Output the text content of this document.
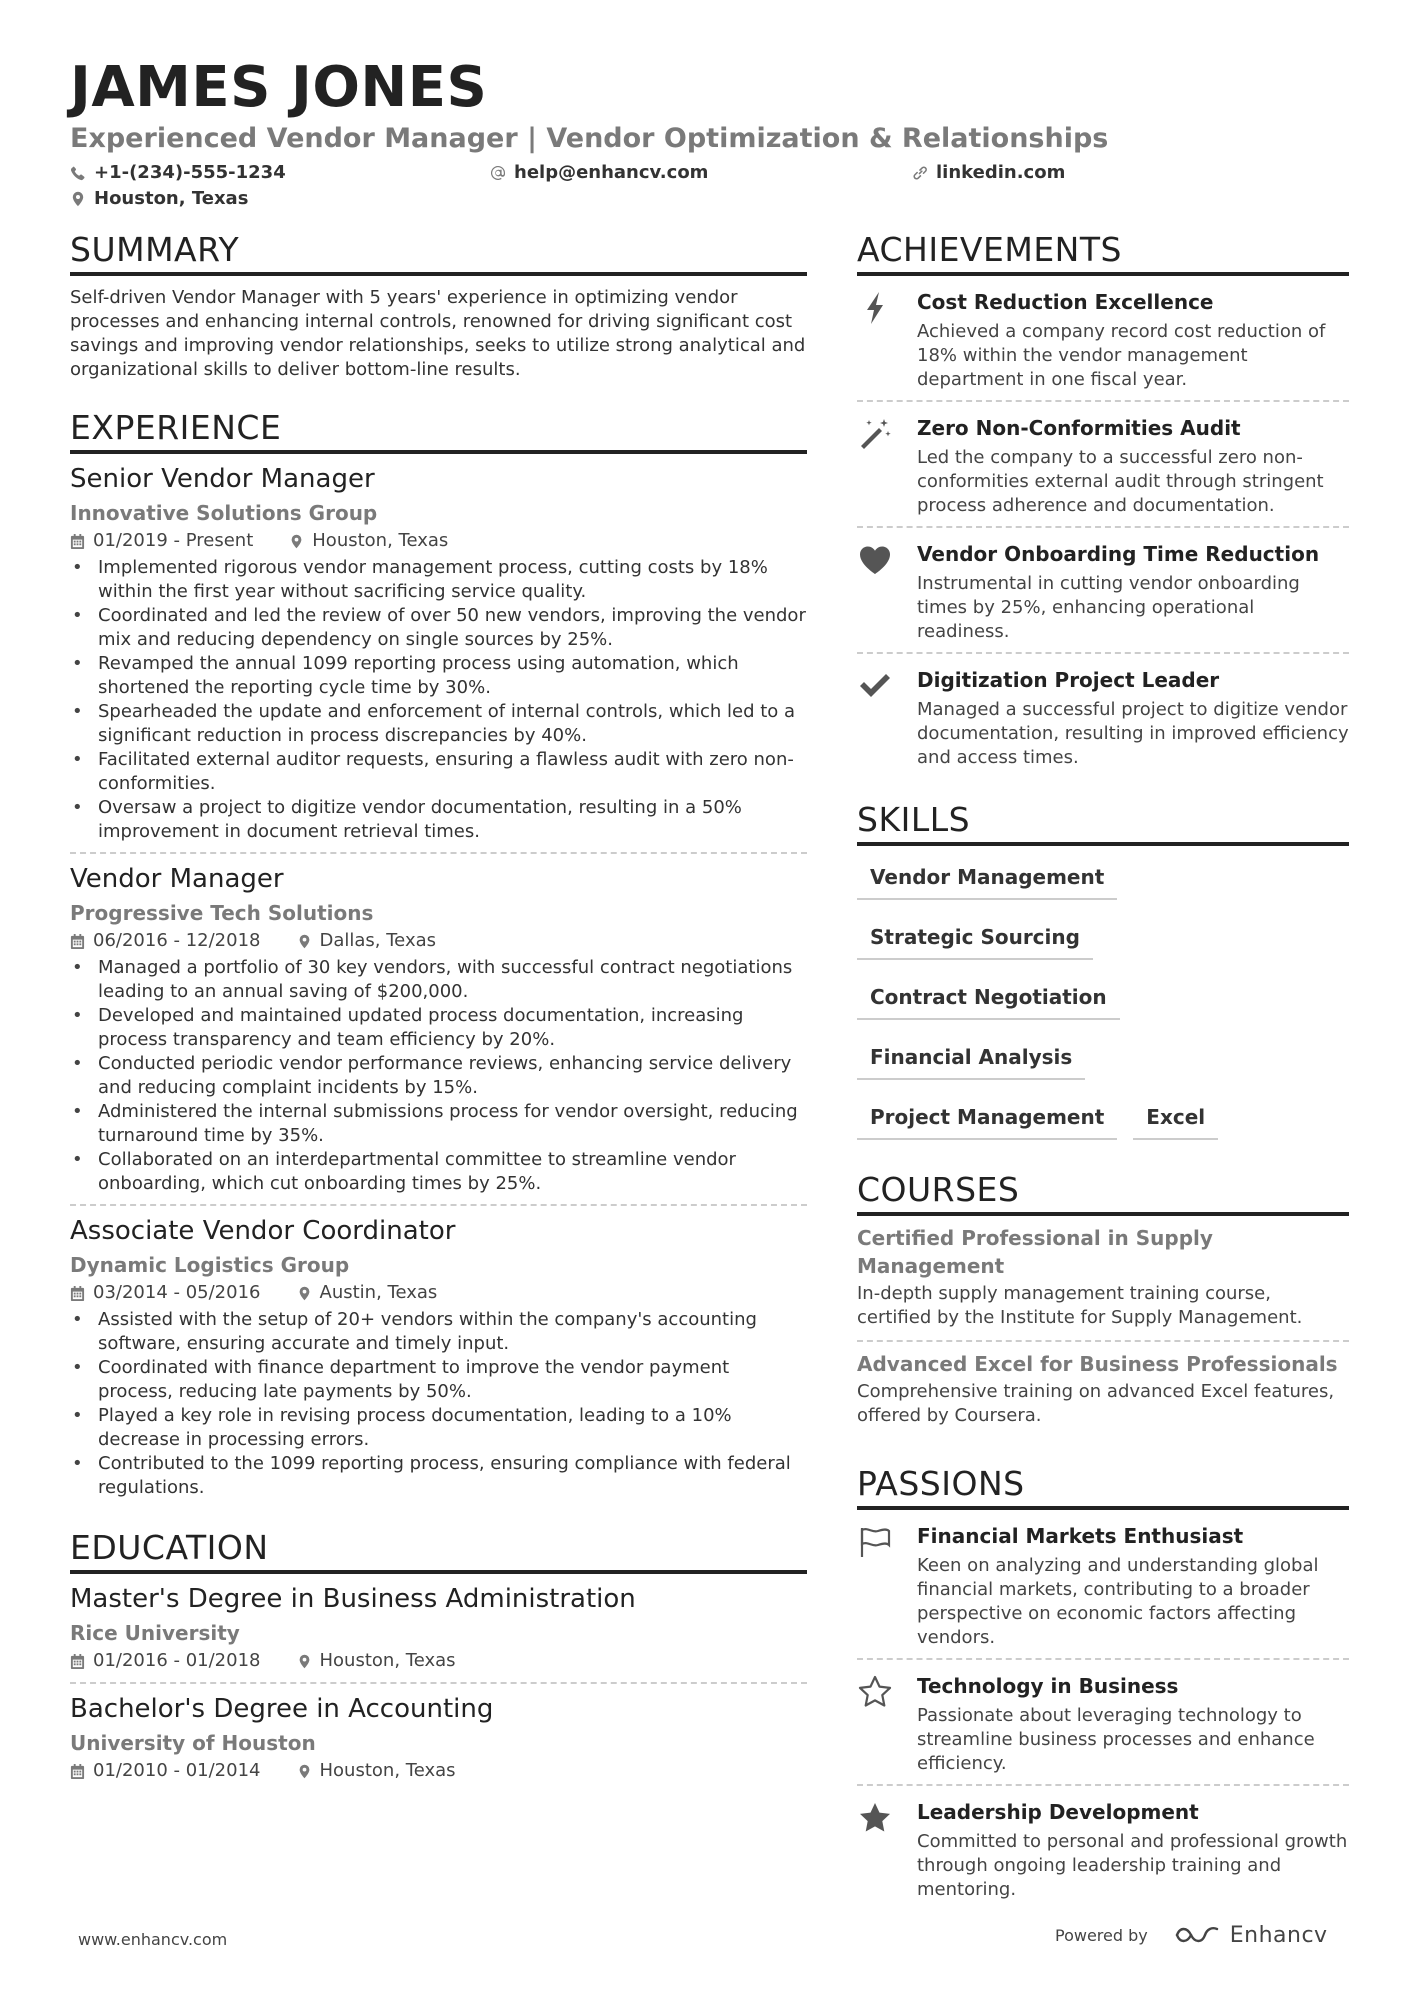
JAMES JONES
Experienced Vendor Manager | Vendor Optimization & Relationships
+1-(234)-555-1234	help@enhancv.com	linkedin.com
Houston, Texas
SUMMARY
Self-driven Vendor Manager with 5 years' experience in optimizing vendor processes and enhancing internal controls, renowned for driving significant cost savings and improving vendor relationships, seeks to utilize strong analytical and organizational skills to deliver bottom-line results.
EXPERIENCE
Senior Vendor Manager
Innovative Solutions Group
01/2019 - Present	Houston, Texas
• Implemented rigorous vendor management process, cutting costs by 18% within the first year without sacrificing service quality.
• Coordinated and led the review of over 50 new vendors, improving the vendor mix and reducing dependency on single sources by 25%.
• Revamped the annual 1099 reporting process using automation, which shortened the reporting cycle time by 30%.
• Spearheaded the update and enforcement of internal controls, which led to a significant reduction in process discrepancies by 40%.
• Facilitated external auditor requests, ensuring a flawless audit with zero non-conformities.
• Oversaw a project to digitize vendor documentation, resulting in a 50% improvement in document retrieval times.
Vendor Manager
Progressive Tech Solutions
06/2016 - 12/2018	Dallas, Texas
• Managed a portfolio of 30 key vendors, with successful contract negotiations leading to an annual saving of $200,000.
• Developed and maintained updated process documentation, increasing process transparency and team efficiency by 20%.
• Conducted periodic vendor performance reviews, enhancing service delivery and reducing complaint incidents by 15%.
• Administered the internal submissions process for vendor oversight, reducing turnaround time by 35%.
• Collaborated on an interdepartmental committee to streamline vendor onboarding, which cut onboarding times by 25%.
Associate Vendor Coordinator
Dynamic Logistics Group
03/2014 - 05/2016	Austin, Texas
• Assisted with the setup of 20+ vendors within the company's accounting software, ensuring accurate and timely input.
• Coordinated with finance department to improve the vendor payment process, reducing late payments by 50%.
• Played a key role in revising process documentation, leading to a 10% decrease in processing errors.
• Contributed to the 1099 reporting process, ensuring compliance with federal regulations.
EDUCATION
Master's Degree in Business Administration
Rice University
01/2016 - 01/2018	Houston, Texas
Bachelor's Degree in Accounting
University of Houston
01/2010 - 01/2014	Houston, Texas
ACHIEVEMENTS
Cost Reduction Excellence
Achieved a company record cost reduction of 18% within the vendor management department in one fiscal year.
Zero Non-Conformities Audit
Led the company to a successful zero non-conformities external audit through stringent process adherence and documentation.
Vendor Onboarding Time Reduction
Instrumental in cutting vendor onboarding times by 25%, enhancing operational readiness.
Digitization Project Leader
Managed a successful project to digitize vendor documentation, resulting in improved efficiency and access times.
SKILLS
Vendor Management
Strategic Sourcing
Contract Negotiation
Financial Analysis
Project Management	Excel
COURSES
Certified Professional in Supply Management
In-depth supply management training course, certified by the Institute for Supply Management.
Advanced Excel for Business Professionals
Comprehensive training on advanced Excel features, offered by Coursera.
PASSIONS
Financial Markets Enthusiast
Keen on analyzing and understanding global financial markets, contributing to a broader perspective on economic factors affecting vendors.
Technology in Business
Passionate about leveraging technology to streamline business processes and enhance efficiency.
Leadership Development
Committed to personal and professional growth through ongoing leadership training and mentoring.
www.enhancv.com	Powered by	Enhancv
